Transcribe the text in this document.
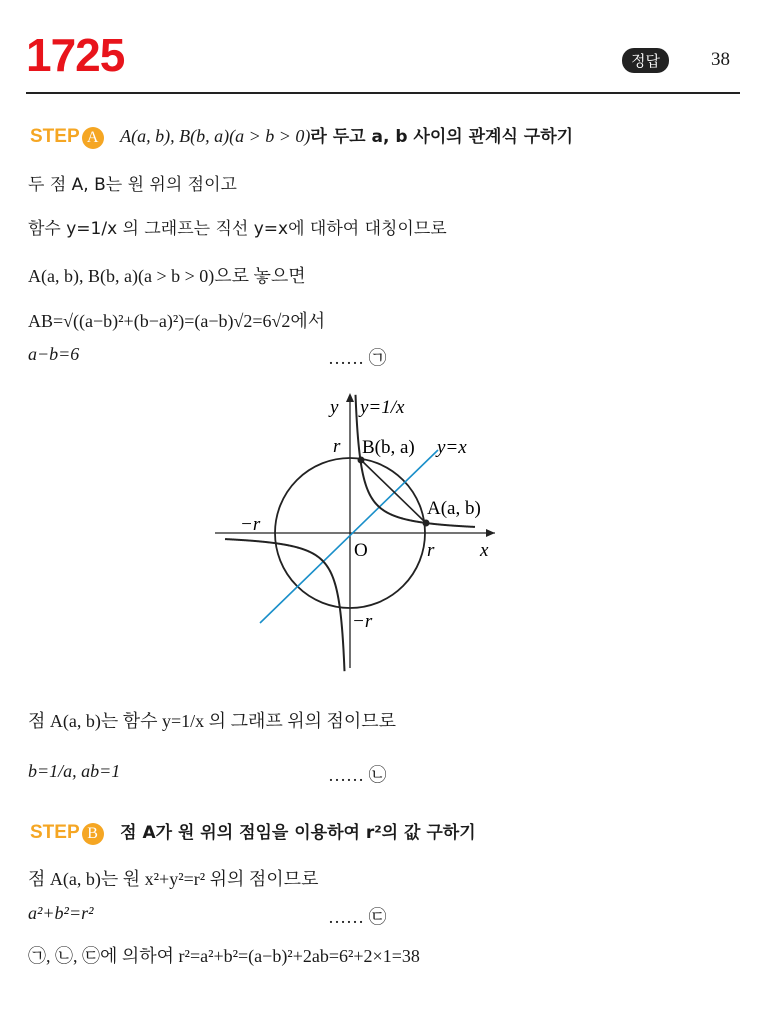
1725	정답	38
STEP A A(a, b), B(b, a)(a > b > 0)라 두고 a, b 사이의 관계식 구하기
두 점 A, B는 원 위의 점이고
함수 y=1/x 의 그래프는 직선 y=x에 대하여 대칭이므로
A(a, b), B(b, a)(a > b > 0)으로 놓으면
AB=√((a−b)²+(b−a)²)=(a−b)√2=6√2에서
a−b=6	…… ㉠
y
x
O
y=1/x
y=x
B(b, a)
A(a, b)
r
r
−r
−r
점 A(a, b)는 함수 y=1/x 의 그래프 위의 점이므로
b=1/a, ab=1	…… ㉡
STEP B 점 A가 원 위의 점임을 이용하여 r²의 값 구하기
점 A(a, b)는 원 x²+y²=r² 위의 점이므로
a²+b²=r²	…… ㉢
㉠, ㉡, ㉢에 의하여 r²=a²+b²=(a−b)²+2ab=6²+2×1=38
